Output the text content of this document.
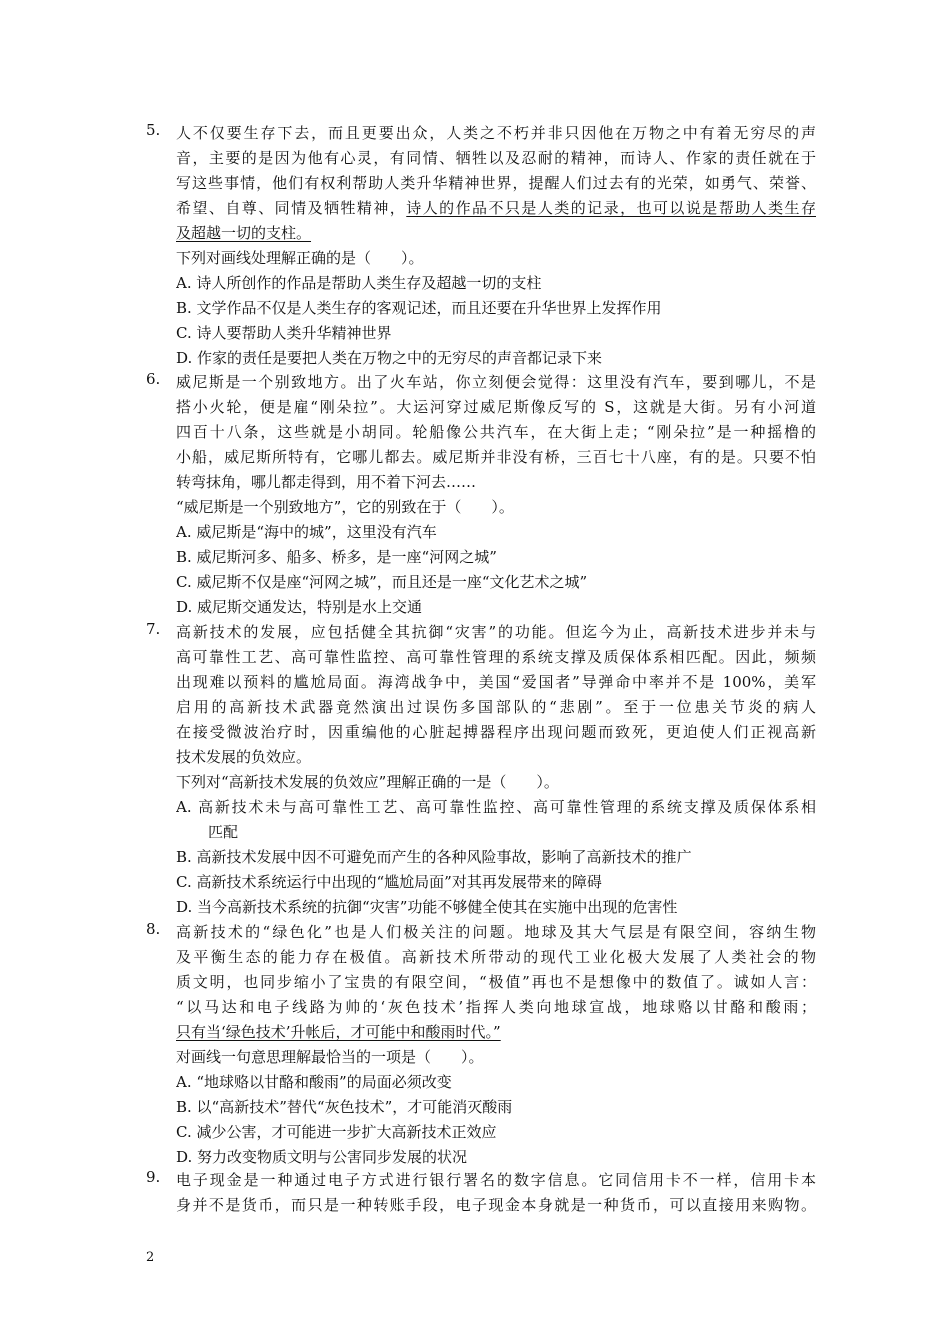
5. 人不仅要生存下去，而且更要出众，人类之不朽并非只因他在万物之中有着无穷尽的声
音，主要的是因为他有心灵，有同情、牺牲以及忍耐的精神，而诗人、作家的责任就在于
写这些事情，他们有权利帮助人类升华精神世界，提醒人们过去有的光荣，如勇气、荣誉、
希望、自尊、同情及牺牲精神，诗人的作品不只是人类的记录，也可以说是帮助人类生存
及超越一切的支柱。
下列对画线处理解正确的是（　　）。
A. 诗人所创作的作品是帮助人类生存及超越一切的支柱
B. 文学作品不仅是人类生存的客观记述，而且还要在升华世界上发挥作用
C. 诗人要帮助人类升华精神世界
D. 作家的责任是要把人类在万物之中的无穷尽的声音都记录下来
6. 威尼斯是一个别致地方。出了火车站，你立刻便会觉得：这里没有汽车，要到哪儿，不是
搭小火轮，便是雇“刚朵拉”。大运河穿过威尼斯像反写的 S，这就是大街。另有小河道
四百十八条，这些就是小胡同。轮船像公共汽车，在大街上走；“刚朵拉”是一种摇橹的
小船，威尼斯所特有，它哪儿都去。威尼斯并非没有桥，三百七十八座，有的是。只要不怕
转弯抹角，哪儿都走得到，用不着下河去……
“威尼斯是一个别致地方”，它的别致在于（　　）。
A. 威尼斯是“海中的城”，这里没有汽车
B. 威尼斯河多、船多、桥多，是一座“河网之城”
C. 威尼斯不仅是座“河网之城”，而且还是一座“文化艺术之城”
D. 威尼斯交通发达，特别是水上交通
7. 高新技术的发展，应包括健全其抗御“灾害”的功能。但迄今为止，高新技术进步并未与
高可靠性工艺、高可靠性监控、高可靠性管理的系统支撑及质保体系相匹配。因此，频频
出现难以预料的尴尬局面。海湾战争中，美国“爱国者”导弹命中率并不是 100%，美军
启用的高新技术武器竟然演出过误伤多国部队的“悲剧”。至于一位患关节炎的病人
在接受微波治疗时，因重编他的心脏起搏器程序出现问题而致死，更迫使人们正视高新
技术发展的负效应。
下列对“高新技术发展的负效应”理解正确的一是（　　）。
A. 高新技术未与高可靠性工艺、高可靠性监控、高可靠性管理的系统支撑及质保体系相
匹配
B. 高新技术发展中因不可避免而产生的各种风险事故，影响了高新技术的推广
C. 高新技术系统运行中出现的“尴尬局面”对其再发展带来的障碍
D. 当今高新技术系统的抗御“灾害”功能不够健全使其在实施中出现的危害性
8. 高新技术的“绿色化”也是人们极关注的问题。地球及其大气层是有限空间，容纳生物
及平衡生态的能力存在极值。高新技术所带动的现代工业化极大发展了人类社会的物
质文明，也同步缩小了宝贵的有限空间，“极值”再也不是想像中的数值了。诚如人言：
“以马达和电子线路为帅的‘灰色技术’指挥人类向地球宣战，地球赂以甘酪和酸雨；
只有当‘绿色技术’升帐后，才可能中和酸雨时代。”
对画线一句意思理解最恰当的一项是（　　）。
A. “地球赂以甘酪和酸雨”的局面必须改变
B. 以“高新技术”替代“灰色技术”，才可能消灭酸雨
C. 减少公害，才可能进一步扩大高新技术正效应
D. 努力改变物质文明与公害同步发展的状况
9. 电子现金是一种通过电子方式进行银行署名的数字信息。它同信用卡不一样，信用卡本
身并不是货币，而只是一种转账手段，电子现金本身就是一种货币，可以直接用来购物。
2
